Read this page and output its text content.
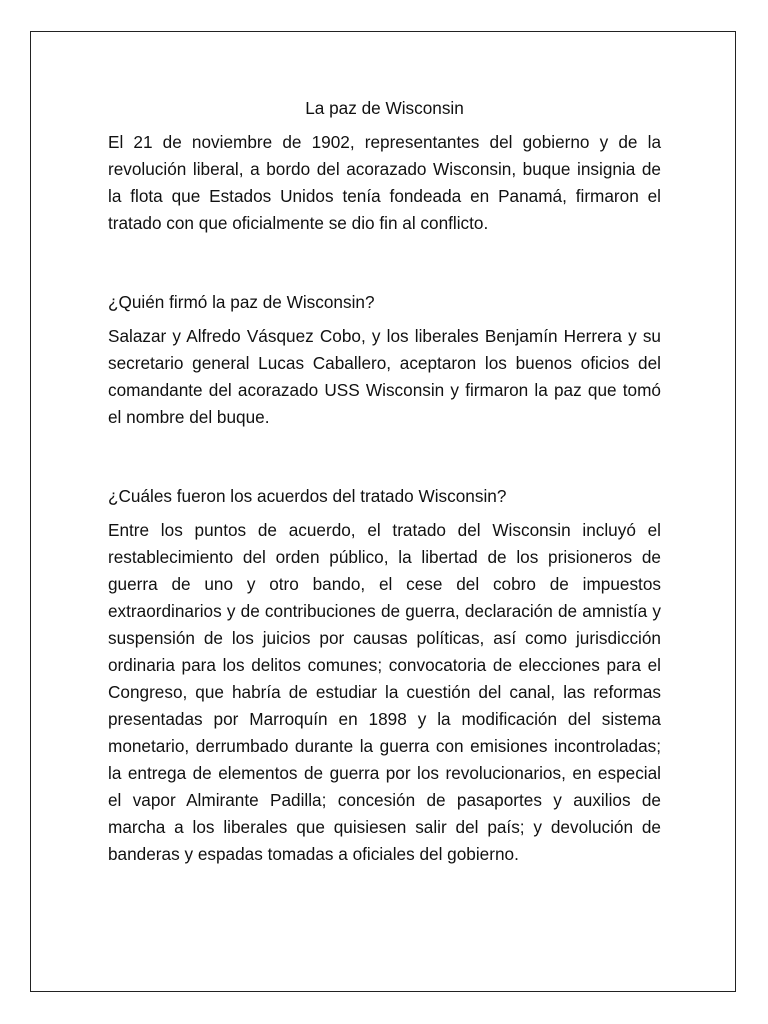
La paz de Wisconsin

El 21 de noviembre de 1902, representantes del gobierno y de la revolución liberal, a bordo del acorazado Wisconsin, buque insignia de la flota que Estados Unidos tenía fondeada en Panamá, firmaron el tratado con que oficialmente se dio fin al conflicto.

¿Quién firmó la paz de Wisconsin?

Salazar y Alfredo Vásquez Cobo, y los liberales Benjamín Herrera y su secretario general Lucas Caballero, aceptaron los buenos oficios del comandante del acorazado USS Wisconsin y firmaron la paz que tomó el nombre del buque.

¿Cuáles fueron los acuerdos del tratado Wisconsin?

Entre los puntos de acuerdo, el tratado del Wisconsin incluyó el restablecimiento del orden público, la libertad de los prisioneros de guerra de uno y otro bando, el cese del cobro de impuestos extraordinarios y de contribuciones de guerra, declaración de amnistía y suspensión de los juicios por causas políticas, así como jurisdicción ordinaria para los delitos comunes; convocatoria de elecciones para el Congreso, que habría de estudiar la cuestión del canal, las reformas presentadas por Marroquín en 1898 y la modificación del sistema monetario, derrumbado durante la guerra con emisiones incontroladas; la entrega de elementos de guerra por los revolucionarios, en especial el vapor Almirante Padilla; concesión de pasaportes y auxilios de marcha a los liberales que quisiesen salir del país; y devolución de banderas y espadas tomadas a oficiales del gobierno.
